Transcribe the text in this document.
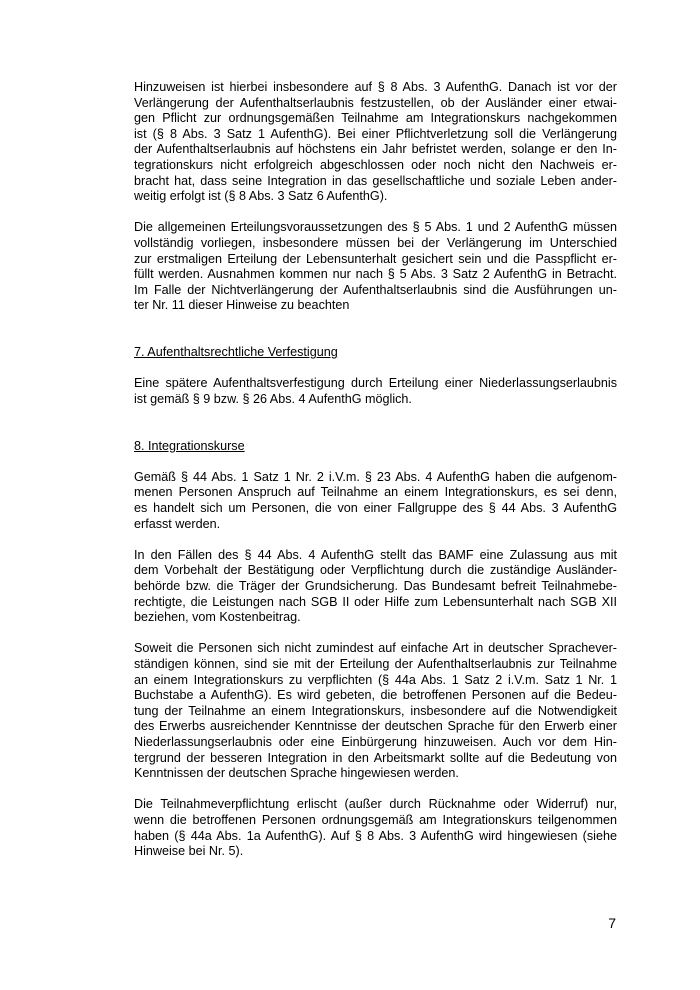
Hinzuweisen ist hierbei insbesondere auf § 8 Abs. 3 AufenthG. Danach ist vor der
Verlängerung der Aufenthaltserlaubnis festzustellen, ob der Ausländer einer etwai-
gen Pflicht zur ordnungsgemäßen Teilnahme am Integrationskurs nachgekommen
ist (§ 8 Abs. 3 Satz 1 AufenthG). Bei einer Pflichtverletzung soll die Verlängerung
der Aufenthaltserlaubnis auf höchstens ein Jahr befristet werden, solange er den In-
tegrationskurs nicht erfolgreich abgeschlossen oder noch nicht den Nachweis er-
bracht hat, dass seine Integration in das gesellschaftliche und soziale Leben ander-
weitig erfolgt ist (§ 8 Abs. 3 Satz 6 AufenthG).
Die allgemeinen Erteilungsvoraussetzungen des § 5 Abs. 1 und 2 AufenthG müssen
vollständig vorliegen, insbesondere müssen bei der Verlängerung im Unterschied
zur erstmaligen Erteilung der Lebensunterhalt gesichert sein und die Passpflicht er-
füllt werden. Ausnahmen kommen nur nach § 5 Abs. 3 Satz 2 AufenthG in Betracht.
Im Falle der Nichtverlängerung der Aufenthaltserlaubnis sind die Ausführungen un-
ter Nr. 11 dieser Hinweise zu beachten

7. Aufenthaltsrechtliche Verfestigung

Eine spätere Aufenthaltsverfestigung durch Erteilung einer Niederlassungserlaubnis
ist gemäß § 9 bzw. § 26 Abs. 4 AufenthG möglich.

8. Integrationskurse

Gemäß § 44 Abs. 1 Satz 1 Nr. 2 i.V.m. § 23 Abs. 4 AufenthG haben die aufgenom-
menen Personen Anspruch auf Teilnahme an einem Integrationskurs, es sei denn,
es handelt sich um Personen, die von einer Fallgruppe des § 44 Abs. 3 AufenthG
erfasst werden.
In den Fällen des § 44 Abs. 4 AufenthG stellt das BAMF eine Zulassung aus mit
dem Vorbehalt der Bestätigung oder Verpflichtung durch die zuständige Ausländer-
behörde bzw. die Träger der Grundsicherung. Das Bundesamt befreit Teilnahmebe-
rechtigte, die Leistungen nach SGB II oder Hilfe zum Lebensunterhalt nach SGB XII
beziehen, vom Kostenbeitrag.
Soweit die Personen sich nicht zumindest auf einfache Art in deutscher Sprachever-
ständigen können, sind sie mit der Erteilung der Aufenthaltserlaubnis zur Teilnahme
an einem Integrationskurs zu verpflichten (§ 44a Abs. 1 Satz 2 i.V.m. Satz 1 Nr. 1
Buchstabe a AufenthG). Es wird gebeten, die betroffenen Personen auf die Bedeu-
tung der Teilnahme an einem Integrationskurs, insbesondere auf die Notwendigkeit
des Erwerbs ausreichender Kenntnisse der deutschen Sprache für den Erwerb einer
Niederlassungserlaubnis oder eine Einbürgerung hinzuweisen. Auch vor dem Hin-
tergrund der besseren Integration in den Arbeitsmarkt sollte auf die Bedeutung von
Kenntnissen der deutschen Sprache hingewiesen werden.
Die Teilnahmeverpflichtung erlischt (außer durch Rücknahme oder Widerruf) nur,
wenn die betroffenen Personen ordnungsgemäß am Integrationskurs teilgenommen
haben (§ 44a Abs. 1a AufenthG). Auf § 8 Abs. 3 AufenthG wird hingewiesen (siehe
Hinweise bei Nr. 5).
7
